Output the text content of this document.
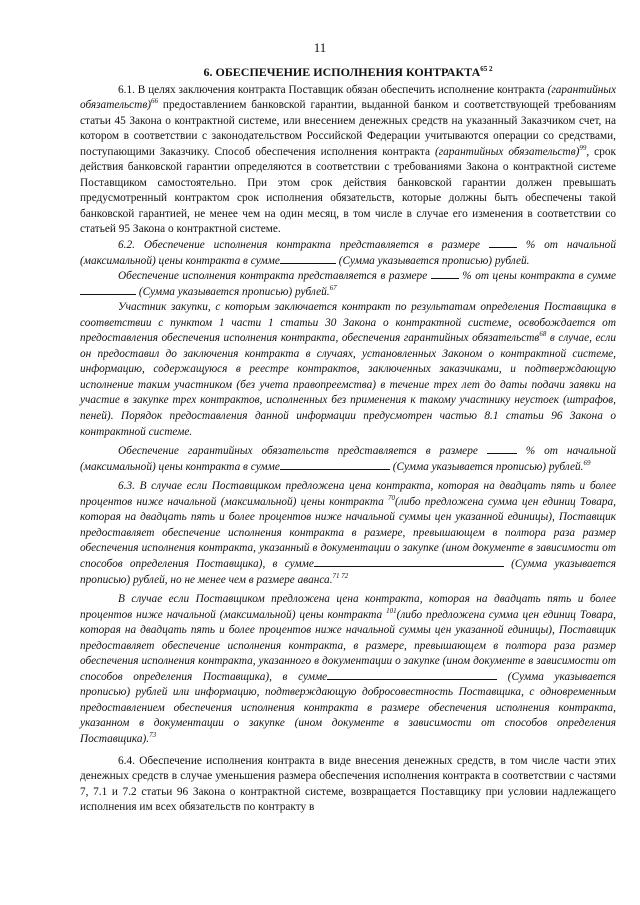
11
6. ОБЕСПЕЧЕНИЕ ИСПОЛНЕНИЯ $КОНТРАКТА^{65 2}$

6.1. В целях заключения контракта Поставщик обязан обеспечить исполнение контракта (гарантийных обязательств)$^{66}$ предоставлением банковской гарантии, выданной банком и соответствующей требованиям статьи 45 Закона о контрактной системе, или внесением денежных средств на указанный Заказчиком счет, на котором в соответствии с законодательством Российской Федерации учитываются операции со средствами, поступающими Заказчику. Способ обеспечения исполнения контракта (гарантийных обязательств)$^{99}$, срок действия банковской гарантии определяются в соответствии с требованиями Закона о контрактной системе Поставщиком самостоятельно. При этом срок действия банковской гарантии должен превышать предусмотренный контрактом срок исполнения обязательств, которые должны быть обеспечены такой банковской гарантией, не менее чем на один месяц, в том числе в случае его изменения в соответствии со статьей 95 Закона о контрактной системе.

6.2. Обеспечение исполнения контракта представляется в размере  % от начальной (максимальной) цены контракта в сумме	(Сумма указывается прописью) рублей.

Обеспечение исполнения контракта представляется в размере  % от цены контракта в сумме (Сумма указывается прописью) рублей.$^{67}$

Участник закупки, с которым заключается контракт по результатам определения Поставщика в соответствии с пунктом 1 части 1 статьи 30 Закона о контрактной системе, освобождается от предоставления обеспечения исполнения контракта, обеспечения гарантийных обязательств$^{68}$ в случае, если он предоставил до заключения контракта в случаях, установленных Законом о контрактной системе, информацию, содержащуюся в реестре контрактов, заключенных заказчиками, и подтверждающую исполнение таким участником (без учета правопреемства) в течение трех лет до даты подачи заявки на участие в закупке трех контрактов, исполненных без применения к такому участнику неустоек (штрафов, пеней). Порядок предоставления данной информации предусмотрен частью 8.1 статьи 96 Закона о контрактной системе.

Обеспечение гарантийных обязательств представляется в размере	% от начальной (максимальной) цены контракта в сумме	(Сумма указывается прописью) рублей.$^{69}$

6.3. В случае если Поставщиком предложена цена контракта, которая на двадцать пять и более процентов ниже начальной (максимальной) цены контракта $^{70}$(либо предложена сумма цен единиц Товара, которая на двадцать пять и более процентов ниже начальной суммы цен указанной единицы), Поставщик предоставляет обеспечение исполнения контракта в размере, превышающем в полтора раза размер обеспечения исполнения контракта, указанный в документации о закупке (ином документе в зависимости от способов определения Поставщика), в сумме	(Сумма указывается прописью) рублей, но не менее чем в размере аванса.$^{71 72}$

В случае если Поставщиком предложена цена контракта, которая на двадцать пять и более процентов ниже начальной (максимальной) цены контракта $^{101}$(либо предложена сумма цен единиц Товара, которая на двадцать пять и более процентов ниже начальной суммы цен указанной единицы), Поставщик предоставляет обеспечение исполнения контракта, в размере, превышающем в полтора раза размер обеспечения исполнения контракта, указанного в документации о закупке (ином документе в зависимости от способов определения Поставщика), в сумме	(Сумма указывается прописью) рублей или информацию, подтверждающую добросовестность Поставщика, с одновременным предоставлением обеспечения исполнения контракта в размере обеспечения исполнения контракта, указанном в документации о закупке (ином документе в зависимости от способов определения Поставщика).$^{73}$

6.4. Обеспечение исполнения контракта в виде внесения денежных средств, в том числе части этих денежных средств в случае уменьшения размера обеспечения исполнения контракта в соответствии с частями 7, 7.1 и 7.2 статьи 96 Закона о контрактной системе, возвращается Поставщику при условии надлежащего исполнения им всех обязательств по контракту в
